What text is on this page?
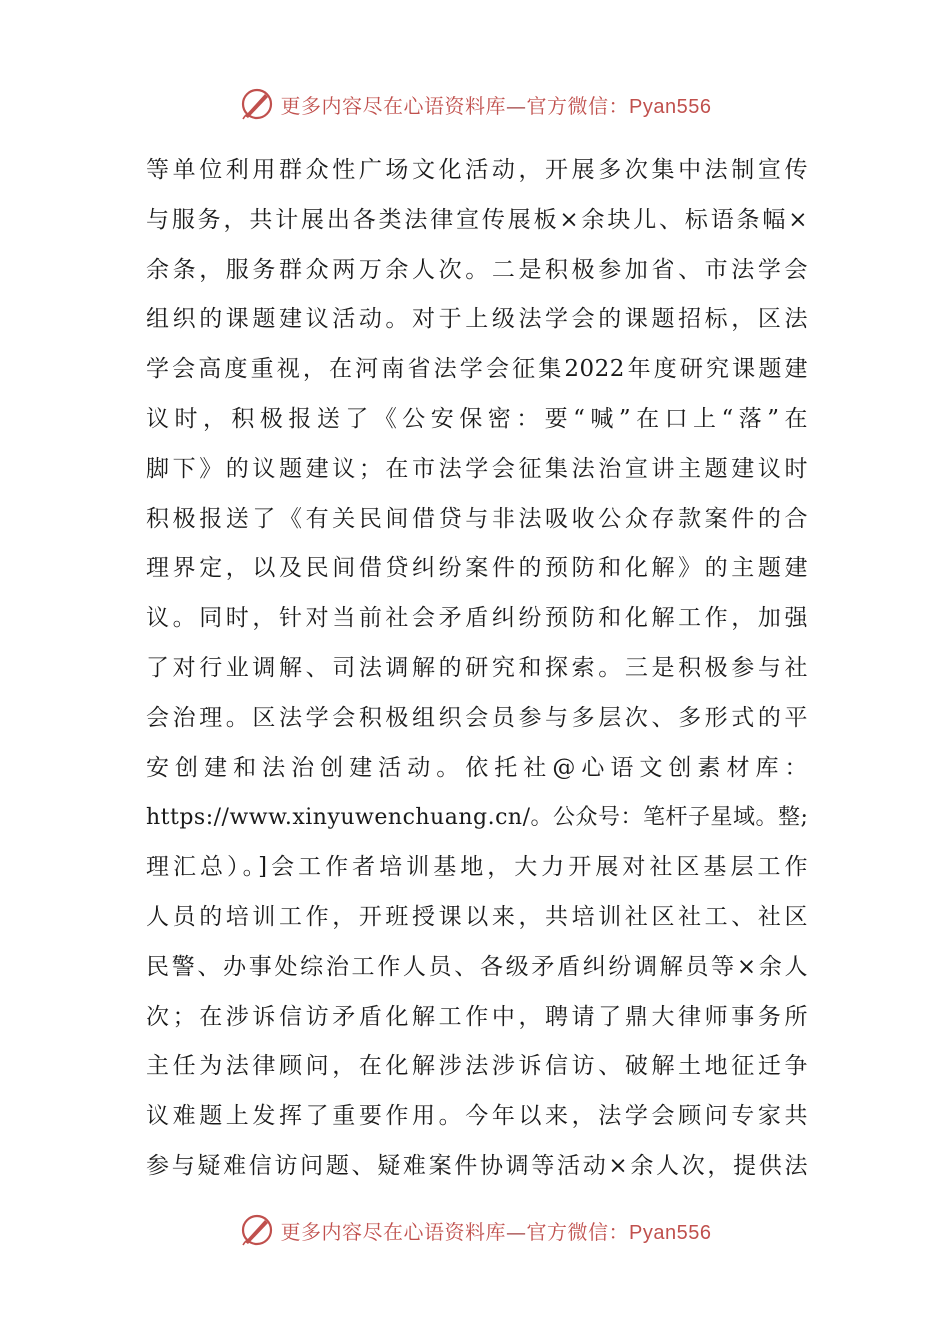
更多内容尽在心语资料库—官方微信：Pyan556
等单位利用群众性广场文化活动，开展多次集中法制宣传
与服务，共计展出各类法律宣传展板×余块儿、标语条幅×
余条，服务群众两万余人次。二是积极参加省、市法学会
组织的课题建议活动。对于上级法学会的课题招标，区法
学会高度重视，在河南省法学会征集2022年度研究课题建
议时，积极报送了《公安保密：要“喊”在口上“落”在
脚下》的议题建议；在市法学会征集法治宣讲主题建议时
积极报送了《有关民间借贷与非法吸收公众存款案件的合
理界定，以及民间借贷纠纷案件的预防和化解》的主题建
议。同时，针对当前社会矛盾纠纷预防和化解工作，加强
了对行业调解、司法调解的研究和探索。三是积极参与社
会治理。区法学会积极组织会员参与多层次、多形式的平
安创建和法治创建活动。依托社@心语文创素材库：
https://www.xinyuwenchuang.cn/。公众号：笔杆子星域。整;
理汇总）。]会工作者培训基地，大力开展对社区基层工作
人员的培训工作，开班授课以来，共培训社区社工、社区
民警、办事处综治工作人员、各级矛盾纠纷调解员等×余人
次；在涉诉信访矛盾化解工作中，聘请了鼎大律师事务所
主任为法律顾问，在化解涉法涉诉信访、破解土地征迁争
议难题上发挥了重要作用。今年以来，法学会顾问专家共
参与疑难信访问题、疑难案件协调等活动×余人次，提供法
更多内容尽在心语资料库—官方微信：Pyan556
